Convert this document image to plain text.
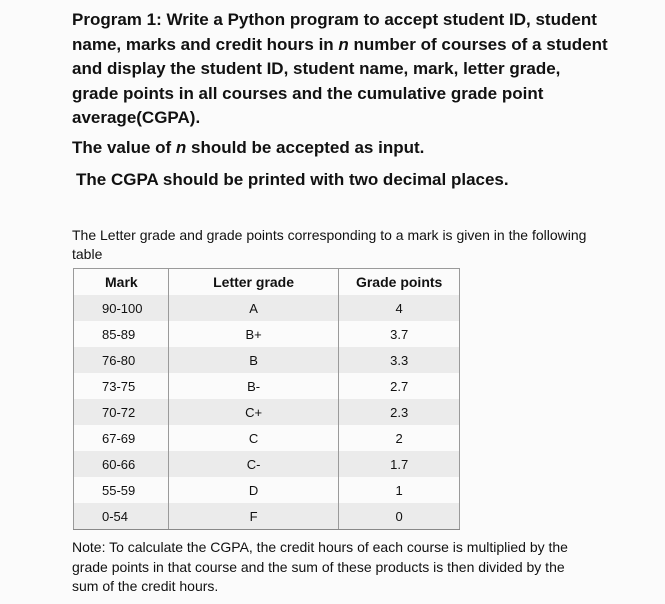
Program 1: Write a Python program to accept student ID, student
name, marks and credit hours in n number of courses of a student
and display the student ID, student name, mark, letter grade,
grade points in all courses and the cumulative grade point
average(CGPA).

The value of n should be accepted as input.

The CGPA should be printed with two decimal places.

The Letter grade and grade points corresponding to a mark is given in the following
table

Mark	Letter grade	Grade points
90-100	A	4
85-89	B+	3.7
76-80	B	3.3
73-75	B-	2.7
70-72	C+	2.3
67-69	C	2
60-66	C-	1.7
55-59	D	1
0-54	F	0

Note: To calculate the CGPA, the credit hours of each course is multiplied by the
grade points in that course and the sum of these products is then divided by the
sum of the credit hours.
